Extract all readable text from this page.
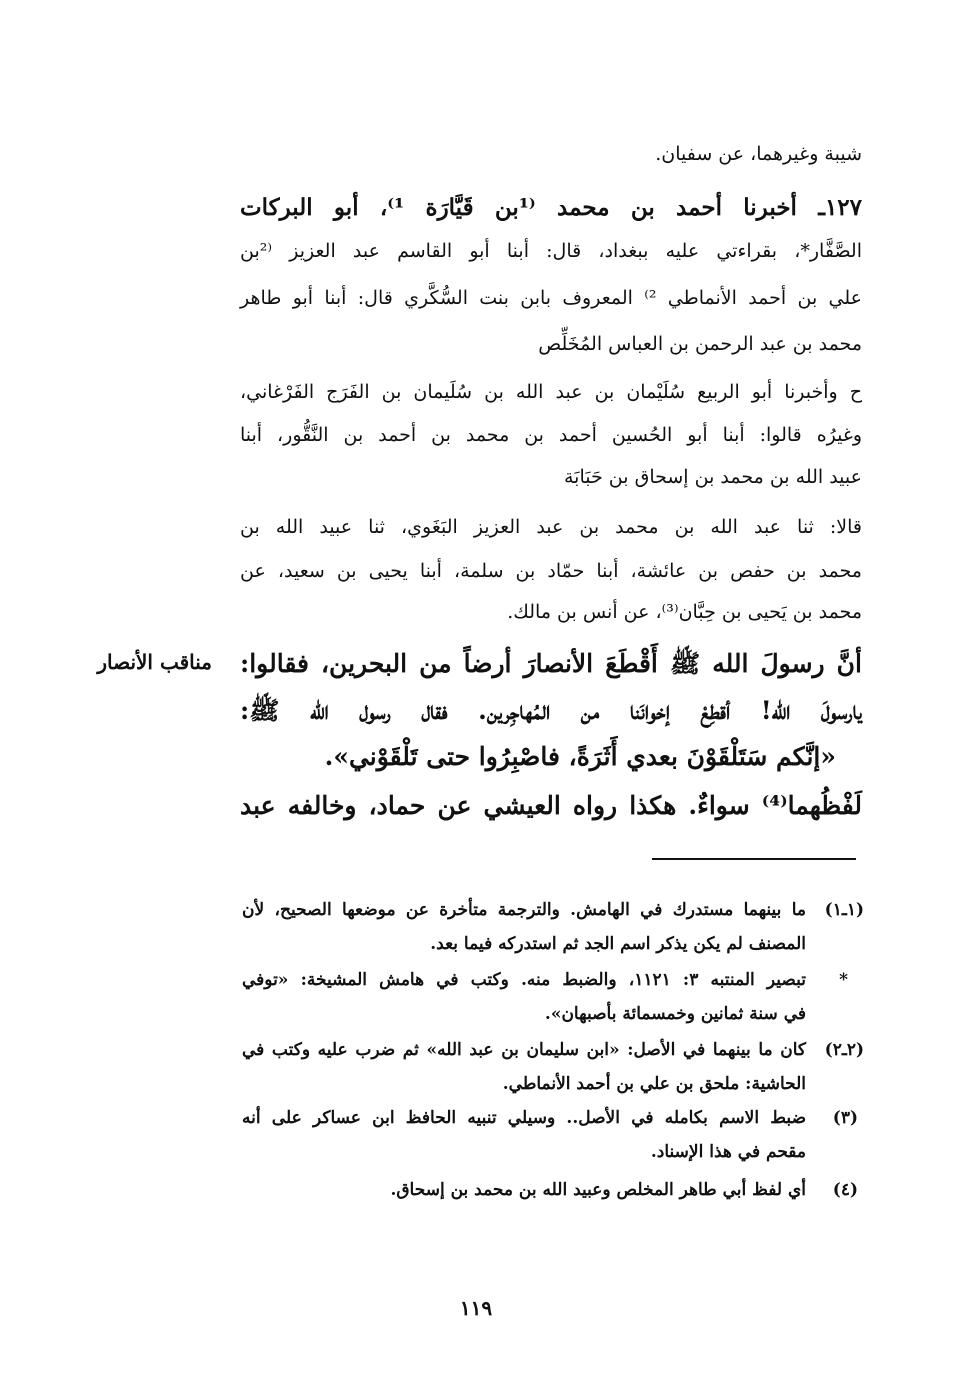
شيبة وغيرهما، عن سفيان.
١٢٧ـ أخبرنا أحمد بن محمد ⁽¹بن قَيَّارَة ¹⁾، أبو البركات
الصَّفَّار*، بقراءتي عليه ببغداد، قال: أبنا أبو القاسم عبد العزيز ⁽²بن
علي بن أحمد الأنماطي ²⁾ المعروف بابن بنت السُّكَّري قال: أبنا أبو طاهر
محمد بن عبد الرحمن بن العباس المُخَلِّص
ح وأخبرنا أبو الربيع سُلَيْمان بن عبد الله بن سُلَيمان بن الفَرَج الفَرْغاني،
وغيرُه قالوا: أبنا أبو الحُسين أحمد بن محمد بن أحمد بن النَّقُّور، أبنا
عبيد الله بن محمد بن إسحاق بن حَبَابَة
قالا: ثنا عبد الله بن محمد بن عبد العزيز البَغَوي، ثنا عبيد الله بن
محمد بن حفص بن عائشة، أبنا حمّاد بن سلمة، أبنا يحيى بن سعيد، عن
محمد بن يَحيى بن حِبَّان⁽³⁾، عن أنس بن مالك.
أنَّ رسولَ الله ﷺ أَقْطَعَ الأنصارَ أرضاً من البحرين، فقالوا:
يارسولَ الله! أقطِعْ إخوانَنا من المُهاجِرين. فقال رسول الله ﷺ:
«إنَّكم سَتَلْقَوْنَ بعدي أَثَرَةً، فاصْبِرُوا حتى تَلْقَوْني».
لَفْظُهما⁽⁴⁾ سواءٌ. هكذا رواه العيشي عن حماد، وخالفه عبد
مناقب الأنصار
(١ـ١)
ما بينهما مستدرك في الهامش. والترجمة متأخرة عن موضعها الصحيح، لأن
المصنف لم يكن يذكر اسم الجد ثم استدركه فيما بعد.
*
تبصير المنتبه ٣: ١١٢١، والضبط منه. وكتب في هامش المشيخة: «توفي
في سنة ثمانين وخمسمائة بأصبهان».
(٢ـ٢)
كان ما بينهما في الأصل: «ابن سليمان بن عبد الله» ثم ضرب عليه وكتب في
الحاشية: ملحق بن علي بن أحمد الأنماطي.
(٣)
ضبط الاسم بكامله في الأصل.. وسيلي تنبيه الحافظ ابن عساكر على أنه
مقحم في هذا الإسناد.
(٤)
أي لفظ أبي طاهر المخلص وعبيد الله بن محمد بن إسحاق.
١١٩
